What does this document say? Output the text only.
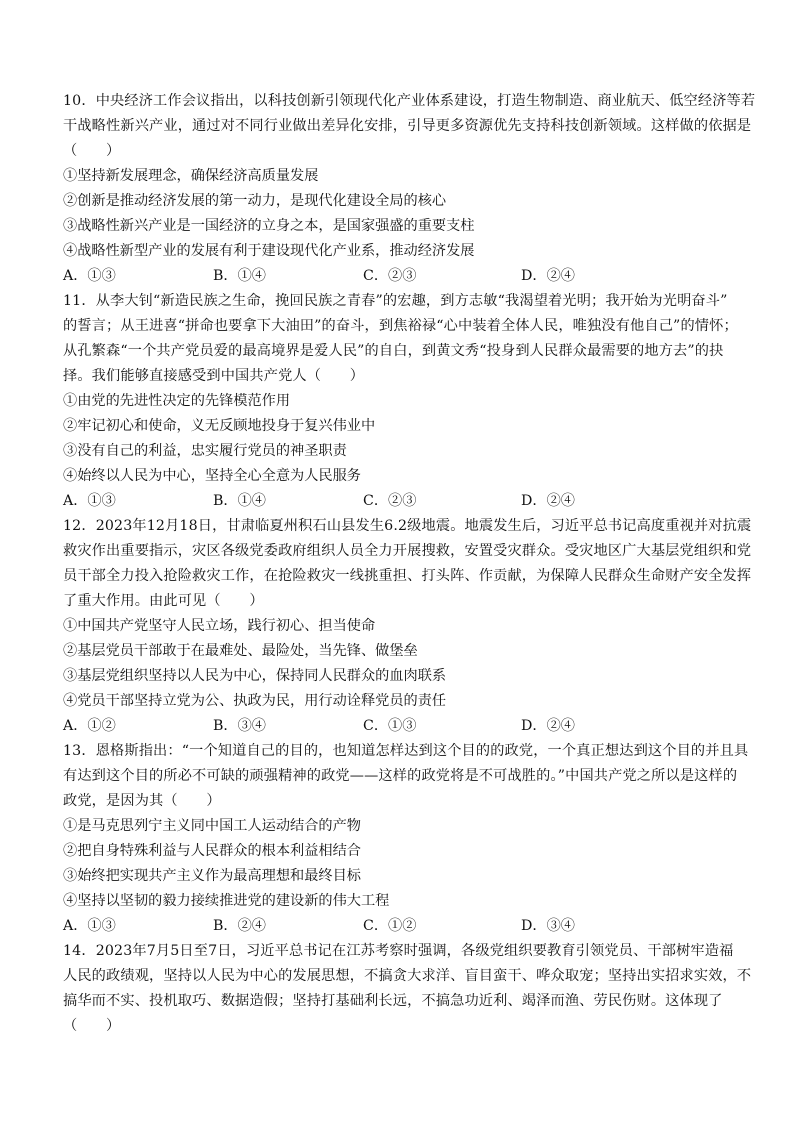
10．中央经济工作会议指出，以科技创新引领现代化产业体系建设，打造生物制造、商业航天、低空经济等若
干战略性新兴产业，通过对不同行业做出差异化安排，引导更多资源优先支持科技创新领域。这样做的依据是
（　　）
①坚持新发展理念，确保经济高质量发展
②创新是推动经济发展的第一动力，是现代化建设全局的核心
③战略性新兴产业是一国经济的立身之本，是国家强盛的重要支柱
④战略性新型产业的发展有利于建设现代化产业系，推动经济发展
A．①③	B．①④	C．②③	D．②④
11．从李大钊“新造民族之生命，挽回民族之青春”的宏趣，到方志敏“我渴望着光明；我开始为光明奋斗”
的誓言；从王进喜“拼命也要拿下大油田”的奋斗，到焦裕禄“心中装着全体人民，唯独没有他自己”的情怀；
从孔繁森“一个共产党员爱的最高境界是爱人民”的自白，到黄文秀“投身到人民群众最需要的地方去”的抉
择。我们能够直接感受到中国共产党人（　　）
①由党的先进性决定的先锋模范作用
②牢记初心和使命，义无反顾地投身于复兴伟业中
③没有自己的利益，忠实履行党员的神圣职责
④始终以人民为中心，坚持全心全意为人民服务
A．①③	B．①④	C．②③	D．②④
12．2023年12月18日，甘肃临夏州积石山县发生6.2级地震。地震发生后，习近平总书记高度重视并对抗震
救灾作出重要指示，灾区各级党委政府组织人员全力开展搜救，安置受灾群众。受灾地区广大基层党组织和党
员干部全力投入抢险救灾工作，在抢险救灾一线挑重担、打头阵、作贡献，为保障人民群众生命财产安全发挥
了重大作用。由此可见（　　）
①中国共产党坚守人民立场，践行初心、担当使命
②基层党员干部敢于在最难处、最险处，当先锋、做堡垒
③基层党组织坚持以人民为中心，保持同人民群众的血肉联系
④党员干部坚持立党为公、执政为民，用行动诠释党员的责任
A．①②	B．③④	C．①③	D．②④
13．恩格斯指出：“一个知道自己的目的，也知道怎样达到这个目的的政党，一个真正想达到这个目的并且具
有达到这个目的所必不可缺的顽强精神的政党——这样的政党将是不可战胜的。”中国共产党之所以是这样的
政党，是因为其（　　）
①是马克思列宁主义同中国工人运动结合的产物
②把自身特殊利益与人民群众的根本利益相结合
③始终把实现共产主义作为最高理想和最终目标
④坚持以坚韧的毅力接续推进党的建设新的伟大工程
A．①③	B．②④	C．①②	D．③④
14．2023年7月5日至7日，习近平总书记在江苏考察时强调，各级党组织要教育引领党员、干部树牢造福
人民的政绩观，坚持以人民为中心的发展思想，不搞贪大求洋、盲目蛮干、哗众取宠；坚持出实招求实效，不
搞华而不实、投机取巧、数据造假；坚持打基础利长远，不搞急功近利、竭泽而渔、劳民伤财。这体现了
（　　）
